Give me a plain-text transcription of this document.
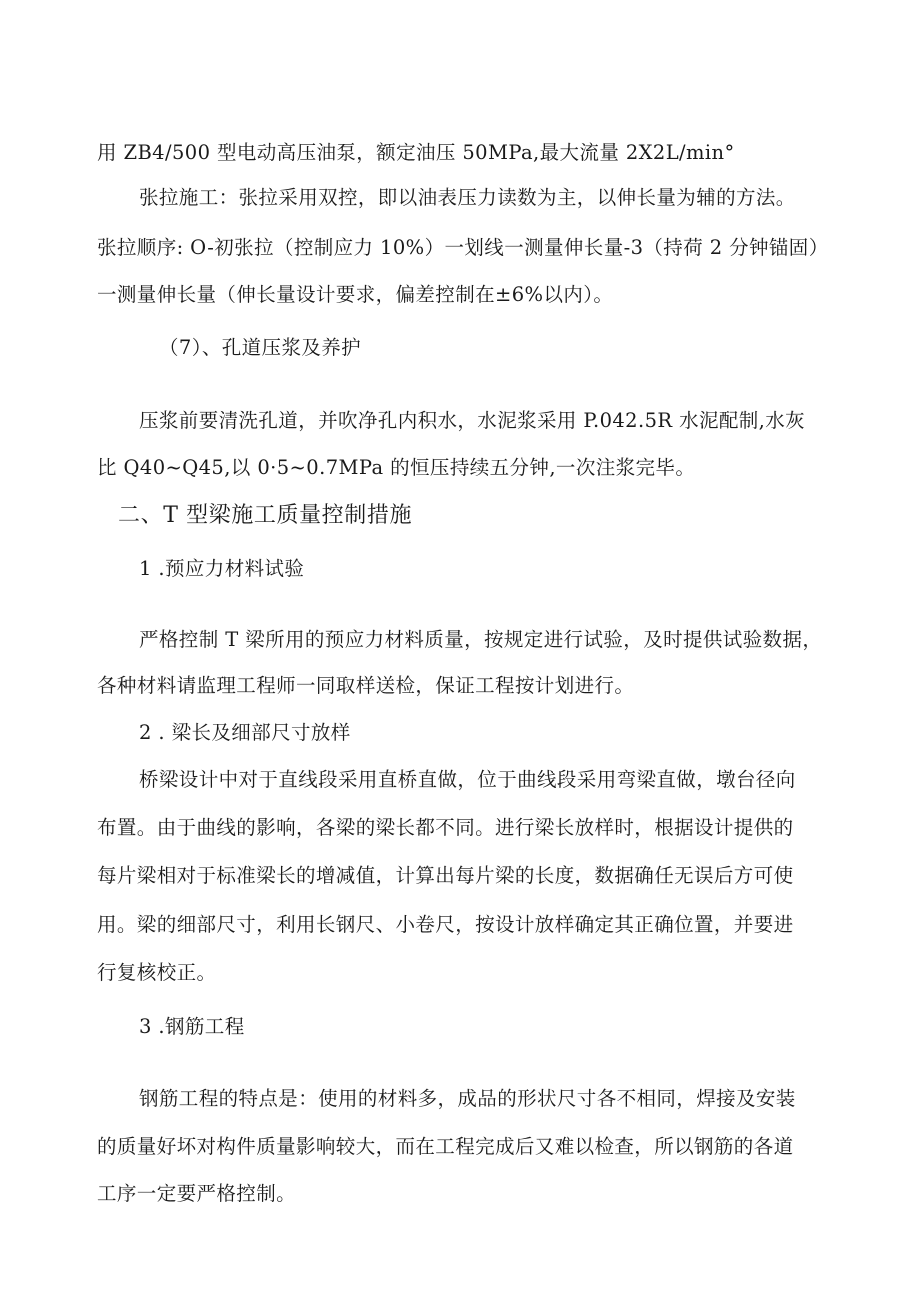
用 ZB4/500 型电动高压油泵，额定油压 50MPa,最大流量 2X2L/min°
张拉施工：张拉采用双控，即以油表压力读数为主，以伸长量为辅的方法。
张拉顺序: O-初张拉（控制应力 10%）一划线一测量伸长量-3（持荷 2 分钟锚固）
一测量伸长量（伸长量设计要求，偏差控制在±6%以内）。
（7）、孔道压浆及养护
压浆前要清洗孔道，并吹净孔内积水，水泥浆采用 P.042.5R 水泥配制,水灰
比 Q40~Q45,以 0·5~0.7MPa 的恒压持续五分钟,一次注浆完毕。
二、T 型梁施工质量控制措施
1 .预应力材料试验
严格控制 T 梁所用的预应力材料质量，按规定进行试验，及时提供试验数据，
各种材料请监理工程师一同取样送检，保证工程按计划进行。
2 . 梁长及细部尺寸放样
桥梁设计中对于直线段采用直桥直做，位于曲线段采用弯梁直做，墩台径向
布置。由于曲线的影响，各梁的梁长都不同。进行梁长放样时，根据设计提供的
每片梁相对于标准梁长的增减值，计算出每片梁的长度，数据确任无误后方可使
用。梁的细部尺寸，利用长钢尺、小卷尺，按设计放样确定其正确位置，并要进
行复核校正。
3 .钢筋工程
钢筋工程的特点是：使用的材料多，成品的形状尺寸各不相同，焊接及安装
的质量好坏对构件质量影响较大，而在工程完成后又难以检查，所以钢筋的各道
工序一定要严格控制。
